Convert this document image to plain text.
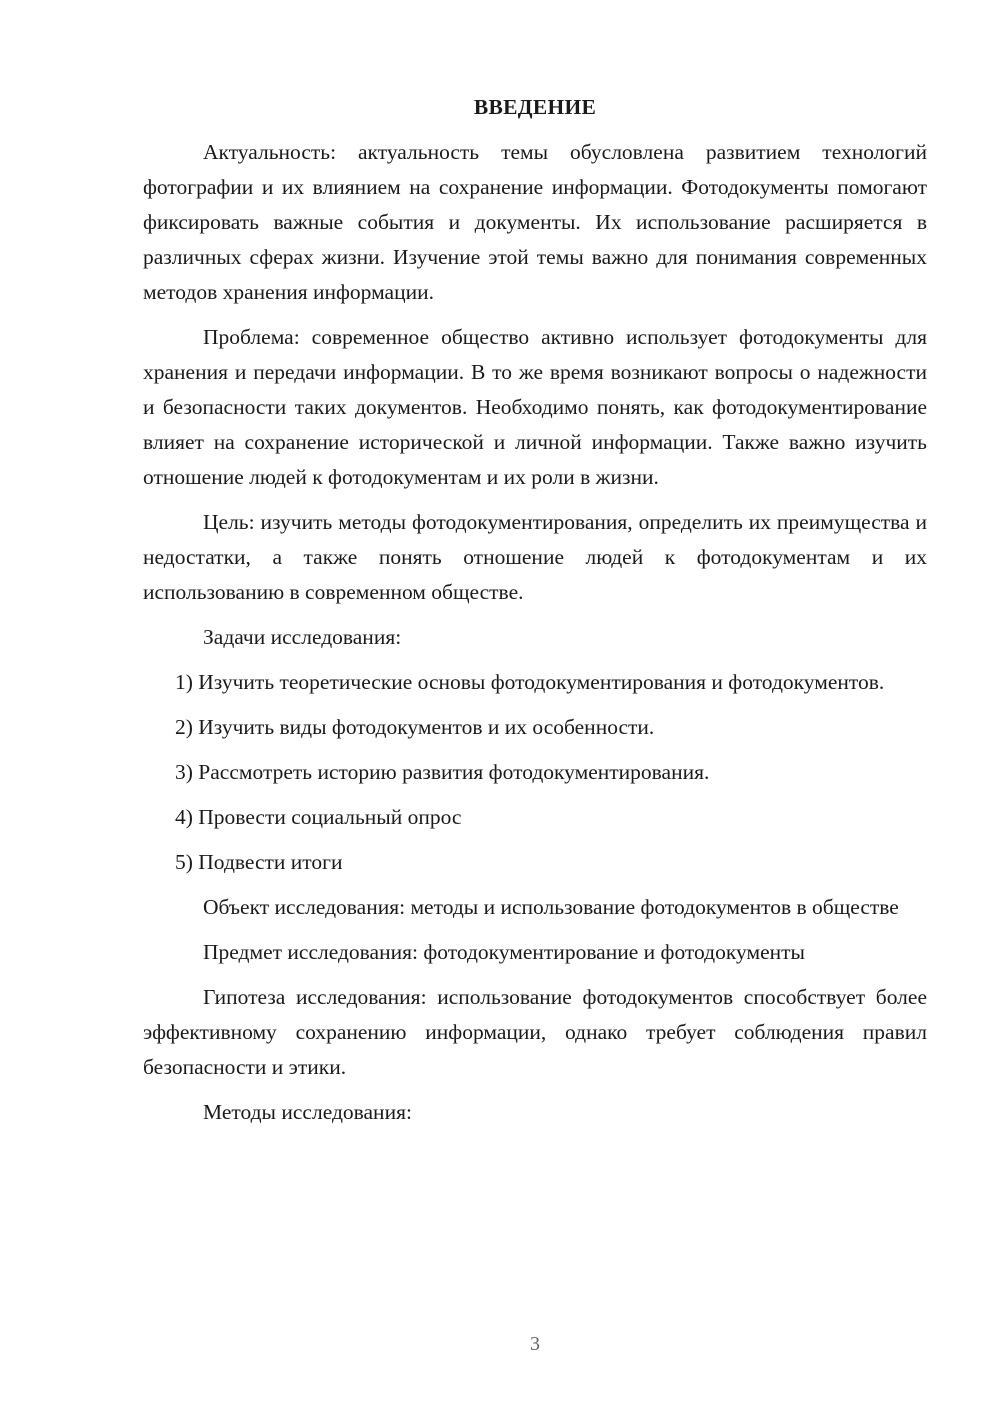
ВВЕДЕНИЕ

Актуальность: актуальность темы обусловлена развитием технологий фотографии и их влиянием на сохранение информации. Фотодокументы помогают фиксировать важные события и документы. Их использование расширяется в различных сферах жизни. Изучение этой темы важно для понимания современных методов хранения информации.

Проблема: современное общество активно использует фотодокументы для хранения и передачи информации. В то же время возникают вопросы о надежности и безопасности таких документов. Необходимо понять, как фотодокументирование влияет на сохранение исторической и личной информации. Также важно изучить отношение людей к фотодокументам и их роли в жизни.

Цель: изучить методы фотодокументирования, определить их преимущества и недостатки, а также понять отношение людей к фотодокументам и их использованию в современном обществе.

Задачи исследования:

1) Изучить теоретические основы фотодокументирования и фотодокументов.

2) Изучить виды фотодокументов и их особенности.

3) Рассмотреть историю развития фотодокументирования.

4) Провести социальный опрос

5) Подвести итоги

Объект исследования: методы и использование фотодокументов в обществе

Предмет исследования: фотодокументирование и фотодокументы

Гипотеза исследования: использование фотодокументов способствует более эффективному сохранению информации, однако требует соблюдения правил безопасности и этики.

Методы исследования:

3
